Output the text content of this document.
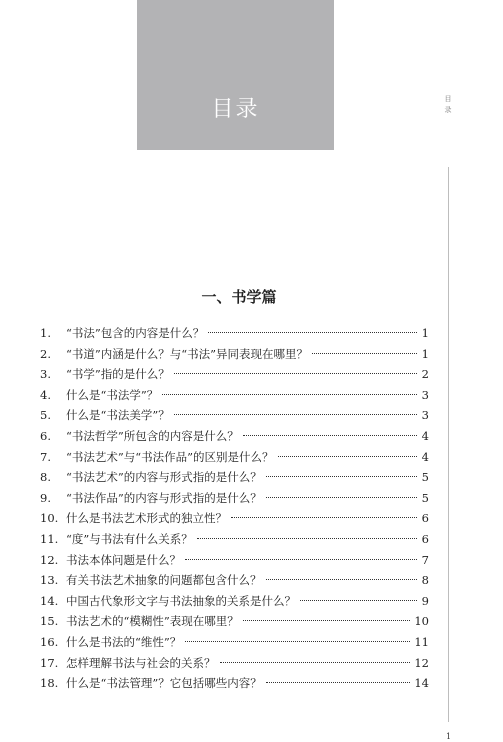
目录	目
录
一、书学篇
1.	“书法”包含的内容是什么？	1
2.	“书道”内涵是什么？与“书法”异同表现在哪里？	1
3.	“书学”指的是什么？	2
4.	什么是“书法学”？	3
5.	什么是“书法美学”？	3
6.	“书法哲学”所包含的内容是什么？	4
7.	“书法艺术”与“书法作品”的区别是什么？	4
8.	“书法艺术”的内容与形式指的是什么？	5
9.	“书法作品”的内容与形式指的是什么？	5
10. 什么是书法艺术形式的独立性？	6
11. “度”与书法有什么关系？	6
12. 书法本体问题是什么？	7
13. 有关书法艺术抽象的问题都包含什么？	8
14. 中国古代象形文字与书法抽象的关系是什么？	9
15. 书法艺术的“模糊性”表现在哪里？	10
16. 什么是书法的“维性”？	11
17. 怎样理解书法与社会的关系？	12
18. 什么是“书法管理”？它包括哪些内容？	14
1
